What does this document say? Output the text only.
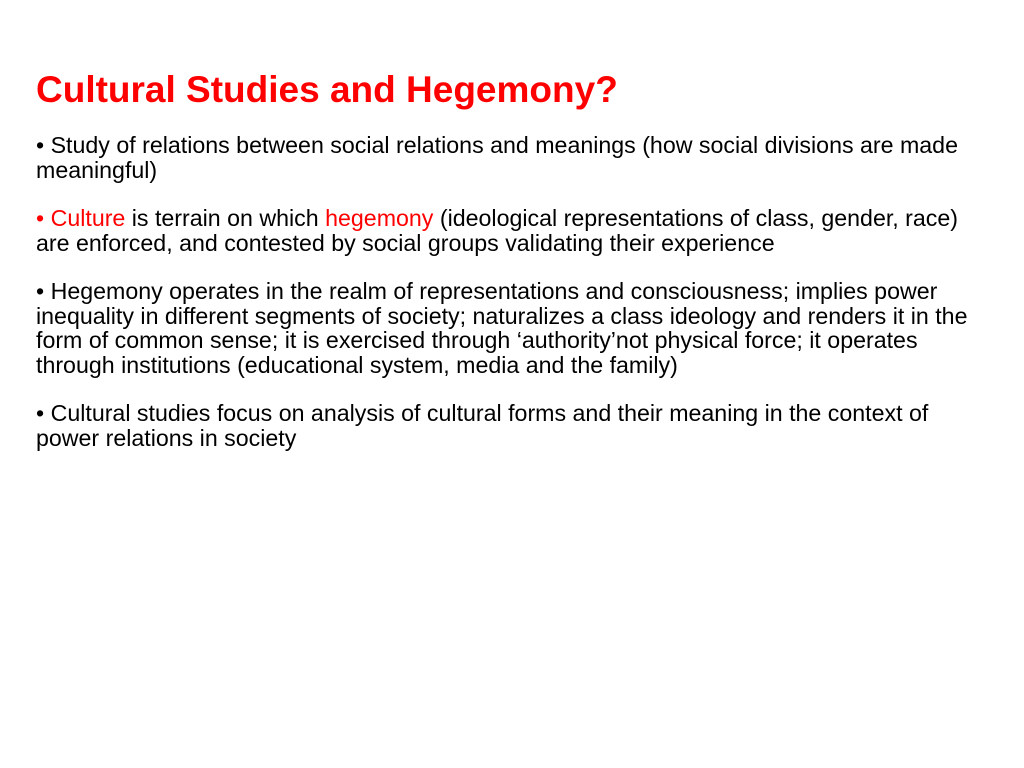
Cultural Studies and Hegemony?
• Study of relations between social relations and meanings (how social divisions are made meaningful)
• Culture is terrain on which hegemony (ideological representations of class, gender, race) are enforced, and contested by social groups validating their experience
• Hegemony operates in the realm of representations and consciousness; implies power inequality in different segments of society; naturalizes a class ideology and renders it in the form of common sense; it is exercised through ‘authority’not physical force; it operates through institutions (educational system, media and the family)
• Cultural studies focus on analysis of cultural forms and their meaning in the context of power relations in society
